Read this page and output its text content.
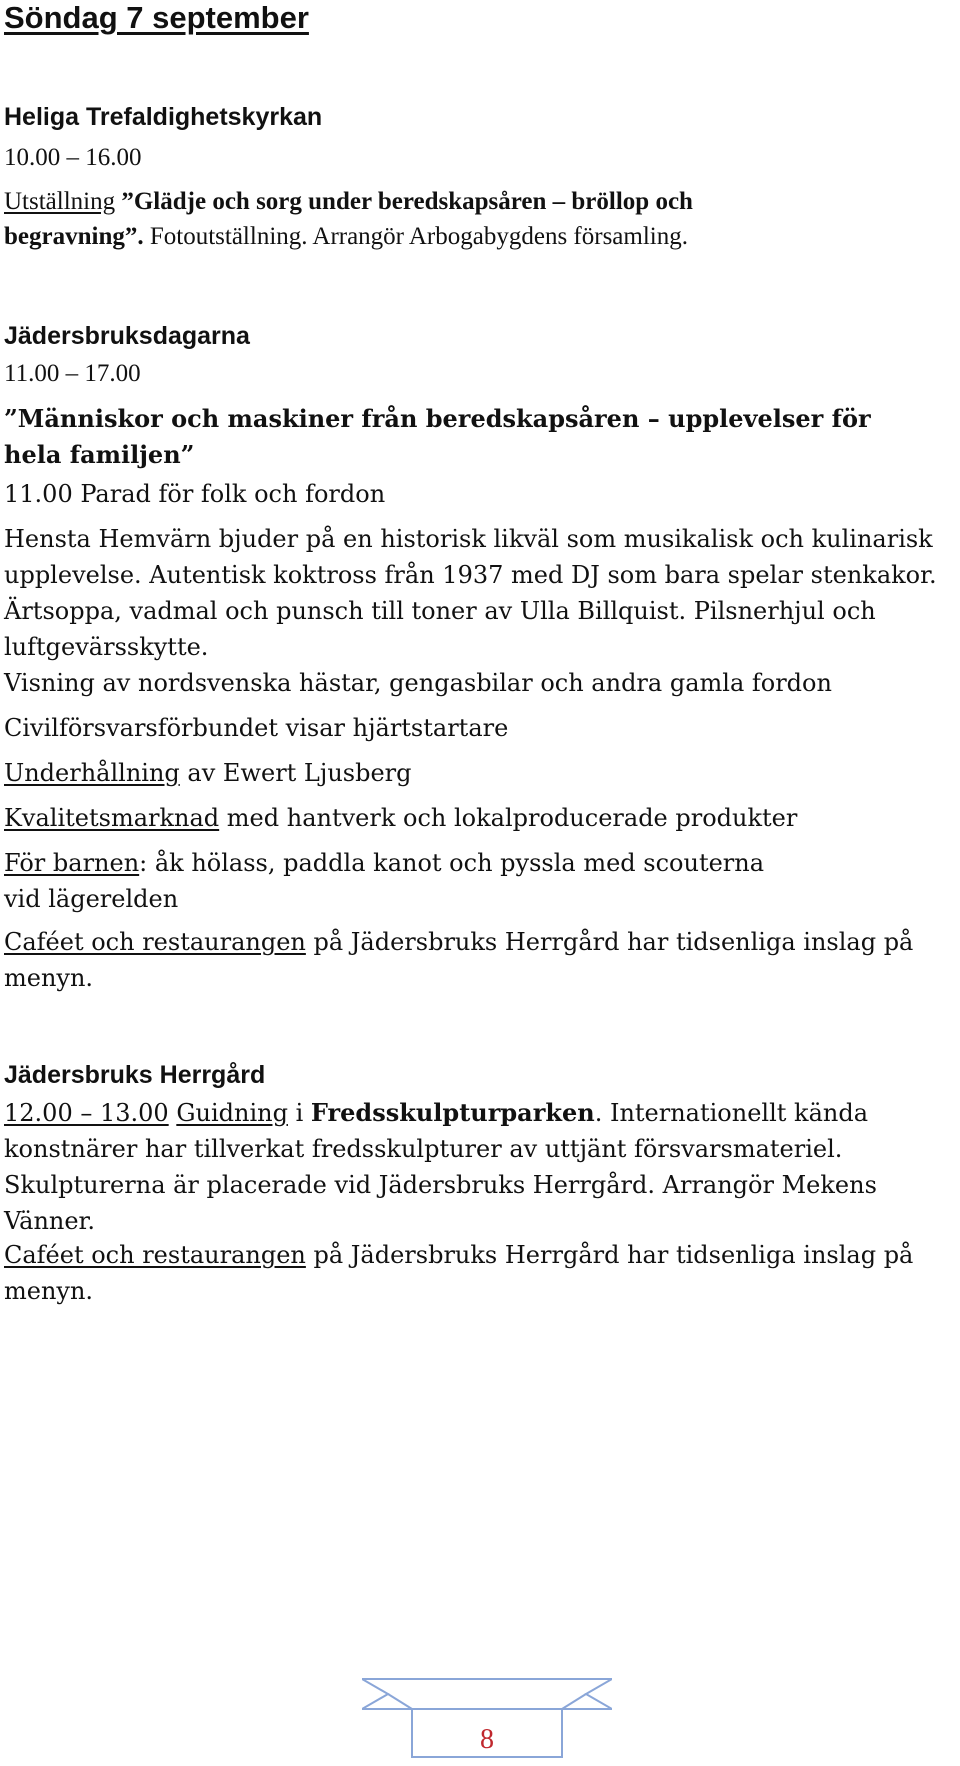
Söndag 7 september
Heliga Trefaldighetskyrkan
10.00 – 16.00
Utställning ”Glädje och sorg under beredskapsåren – bröllop och
begravning”. Fotoutställning. Arrangör Arbogabygdens församling.
Jädersbruksdagarna
11.00 – 17.00
”Människor och maskiner från beredskapsåren – upplevelser för hela familjen”
11.00 Parad för folk och fordon
Hensta Hemvärn bjuder på en historisk likväl som musikalisk och kulinarisk upplevelse. Autentisk koktross från 1937 med DJ som bara spelar stenkakor. Ärtsoppa, vadmal och punsch till toner av Ulla Billquist. Pilsnerhjul och luftgevärsskytte.
Visning av nordsvenska hästar, gengasbilar och andra gamla fordon
Civilförsvarsförbundet visar hjärtstartare
Underhållning av Ewert Ljusberg
Kvalitetsmarknad med hantverk och lokalproducerade produkter
För barnen: åk hölass, paddla kanot och pyssla med scouterna vid lägerelden
Caféet och restaurangen på Jädersbruks Herrgård har tidsenliga inslag på menyn.
Jädersbruks Herrgård
12.00 – 13.00 Guidning i Fredsskulpturparken. Internationellt kända konstnärer har tillverkat fredsskulpturer av uttjänt försvarsmateriel. Skulpturerna är placerade vid Jädersbruks Herrgård. Arrangör Mekens Vänner.
Caféet och restaurangen på Jädersbruks Herrgård har tidsenliga inslag på menyn.
8
